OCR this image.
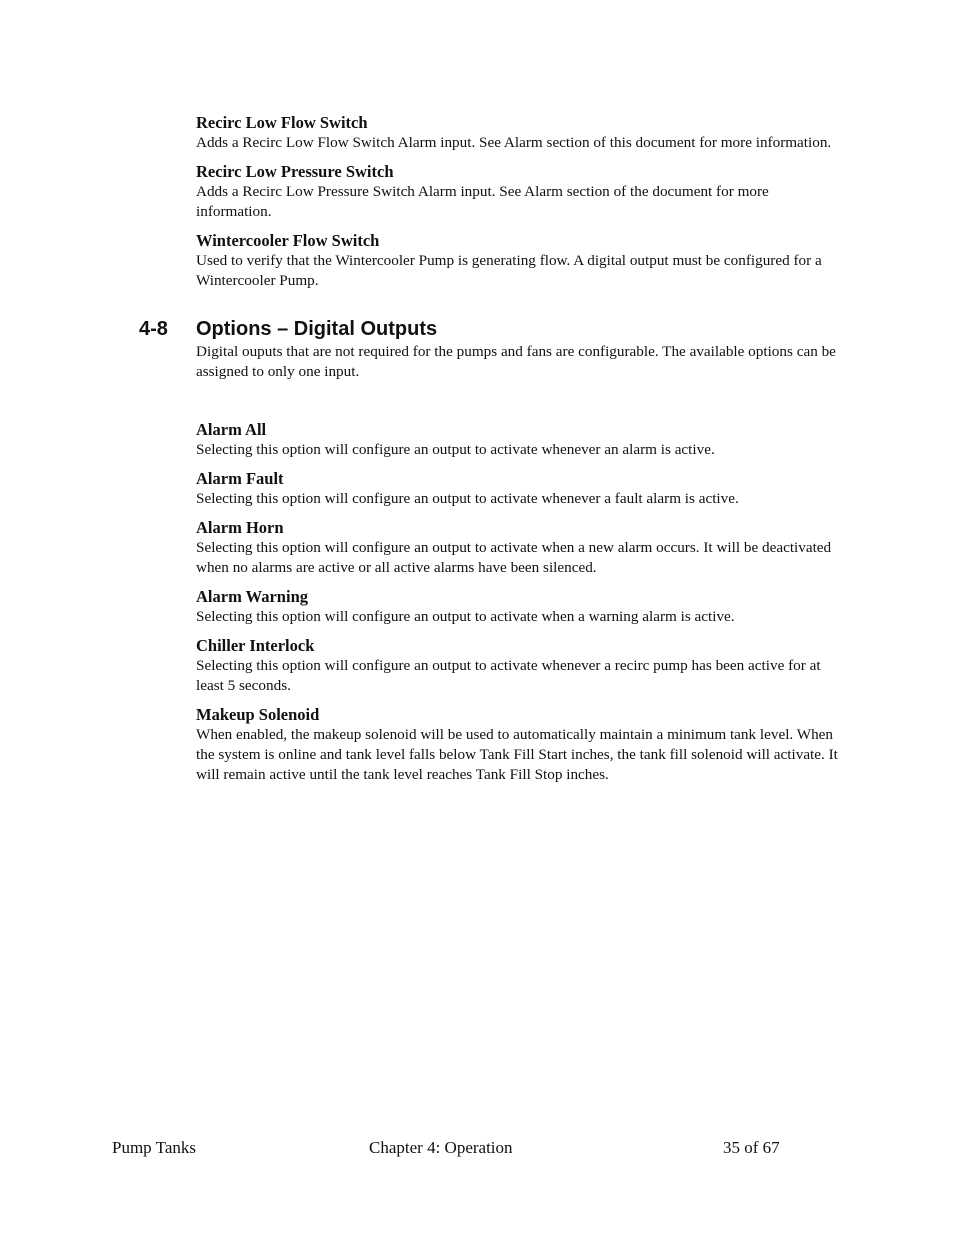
Recirc Low Flow Switch

Adds a Recirc Low Flow Switch Alarm input. See Alarm section of this document for more information.

Recirc Low Pressure Switch

Adds a Recirc Low Pressure Switch Alarm input. See Alarm section of the document for more information.

Wintercooler Flow Switch

Used to verify that the Wintercooler Pump is generating flow. A digital output must be configured for a Wintercooler Pump.

4-8 Options – Digital Outputs

Digital ouputs that are not required for the pumps and fans are configurable. The available options can be assigned to only one input.

Alarm All

Selecting this option will configure an output to activate whenever an alarm is active.

Alarm Fault

Selecting this option will configure an output to activate whenever a fault alarm is active.

Alarm Horn

Selecting this option will configure an output to activate when a new alarm occurs. It will be deactivated when no alarms are active or all active alarms have been silenced.

Alarm Warning

Selecting this option will configure an output to activate when a warning alarm is active.

Chiller Interlock

Selecting this option will configure an output to activate whenever a recirc pump has been active for at least 5 seconds.

Makeup Solenoid

When enabled, the makeup solenoid will be used to automatically maintain a minimum tank level. When the system is online and tank level falls below Tank Fill Start inches, the tank fill solenoid will activate. It will remain active until the tank level reaches Tank Fill Stop inches.

Pump Tanks	Chapter 4: Operation	35 of 67
